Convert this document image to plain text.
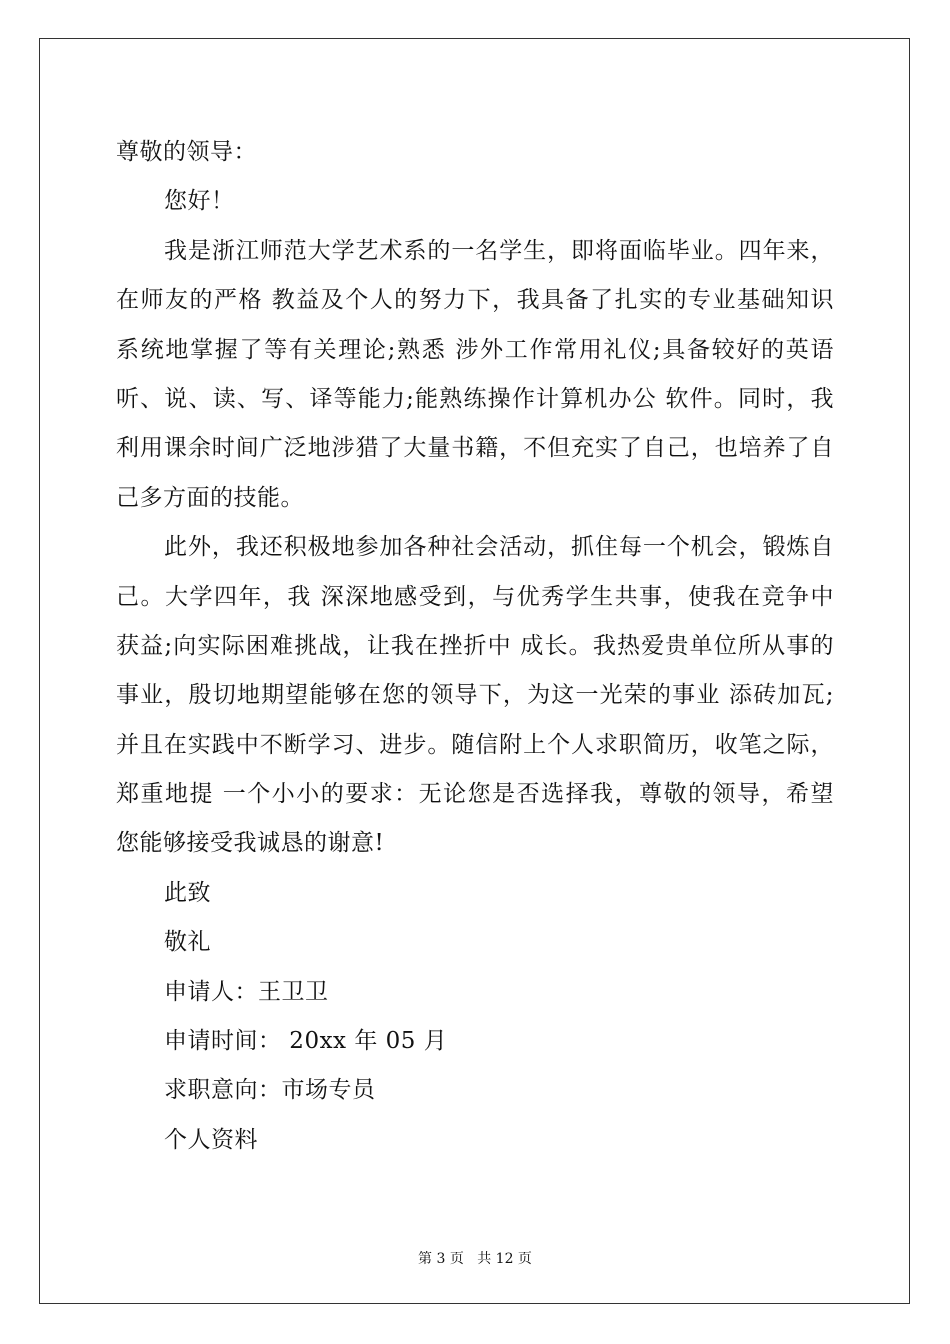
尊敬的领导：
您好！
我是浙江师范大学艺术系的一名学生，即将面临毕业。四年来，
在师友的严格 教益及个人的努力下，我具备了扎实的专业基础知识
系统地掌握了等有关理论;熟悉 涉外工作常用礼仪;具备较好的英语
听、说、读、写、译等能力;能熟练操作计算机办公 软件。同时，我
利用课余时间广泛地涉猎了大量书籍，不但充实了自己，也培养了自
己多方面的技能。
此外，我还积极地参加各种社会活动，抓住每一个机会，锻炼自
己。大学四年，我 深深地感受到，与优秀学生共事，使我在竞争中
获益;向实际困难挑战，让我在挫折中 成长。我热爱贵单位所从事的
事业，殷切地期望能够在您的领导下，为这一光荣的事业 添砖加瓦;
并且在实践中不断学习、进步。随信附上个人求职简历，收笔之际，
郑重地提 一个小小的要求：无论您是否选择我，尊敬的领导，希望
您能够接受我诚恳的谢意!
此致
敬礼
申请人：王卫卫
申请时间： 20xx 年 05 月
求职意向：市场专员
个人资料
第 3 页 共 12 页
